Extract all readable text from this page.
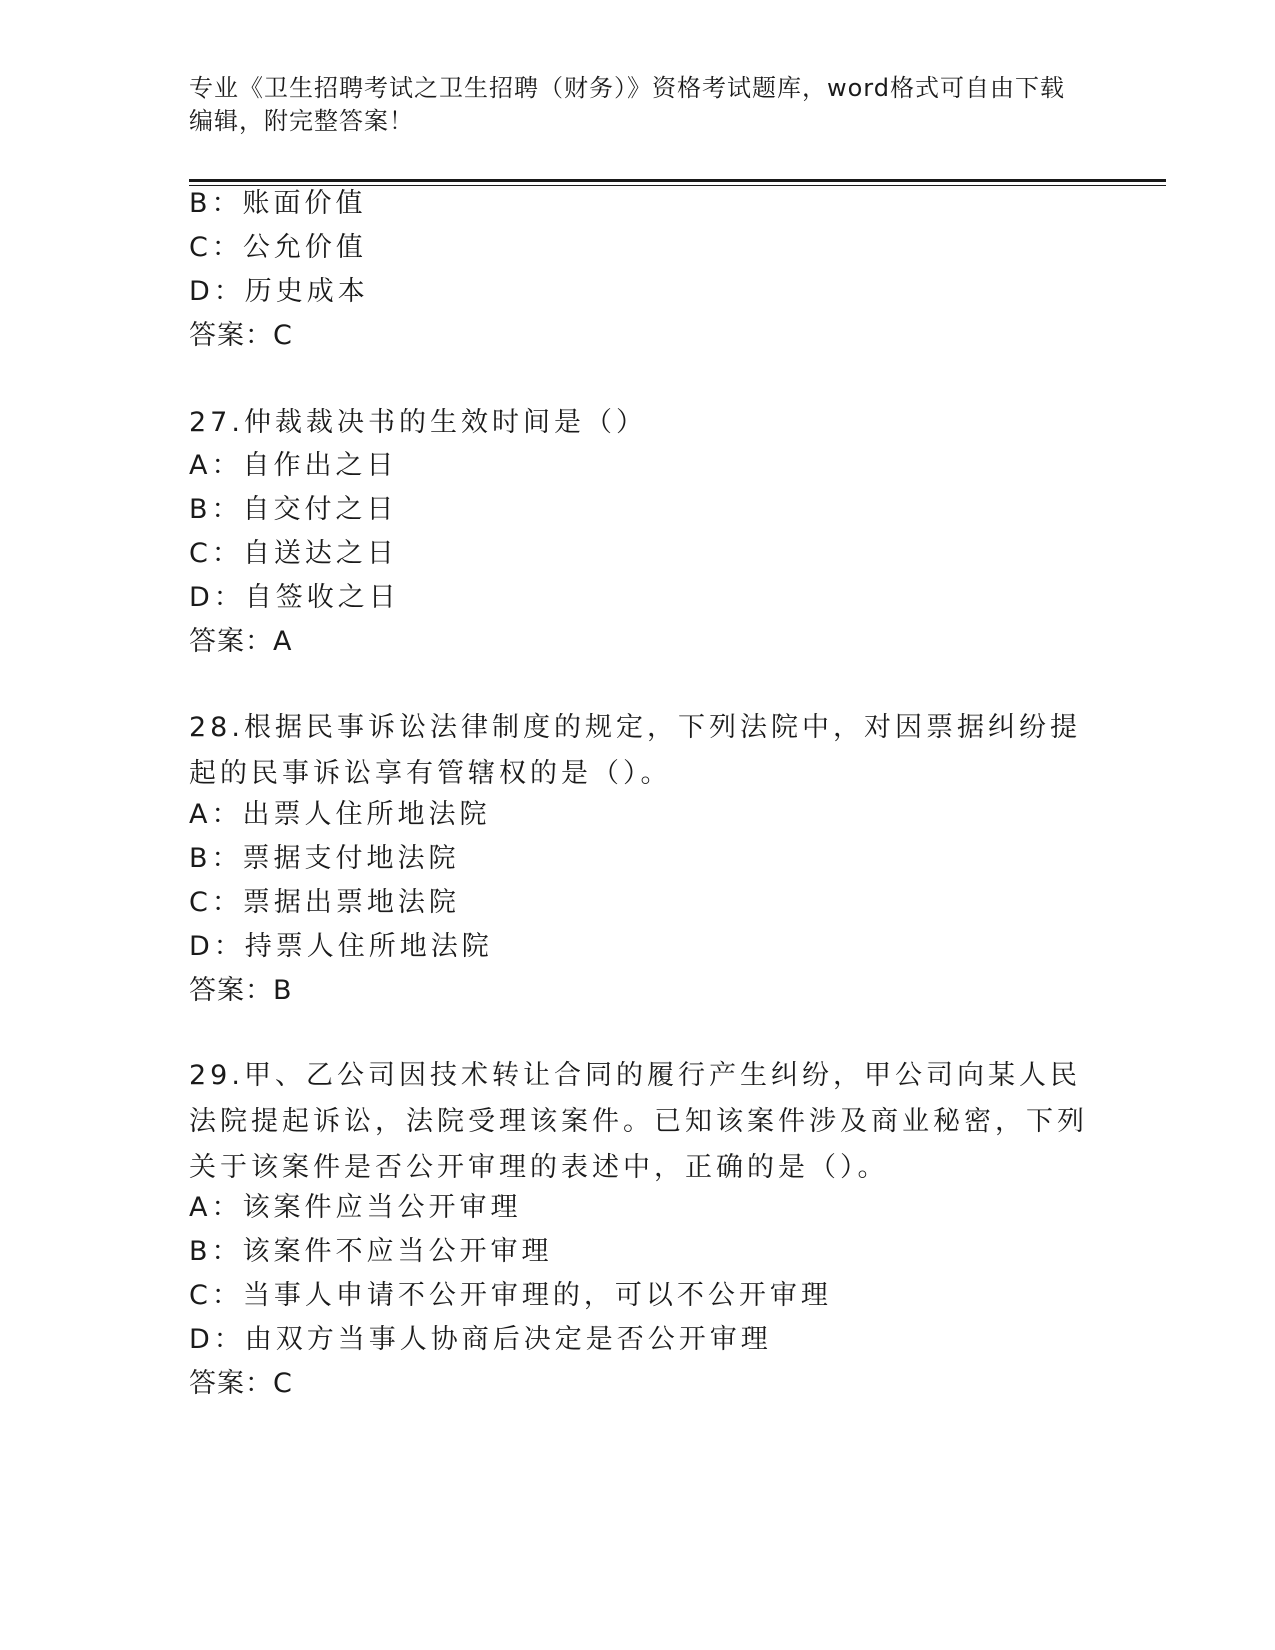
专业《卫生招聘考试之卫生招聘（财务）》资格考试题库，word格式可自由下载编辑，附完整答案！
B：账面价值
C：公允价值
D：历史成本
答案：C
27.仲裁裁决书的生效时间是（）
A：自作出之日
B：自交付之日
C：自送达之日
D：自签收之日
答案：A
28.根据民事诉讼法律制度的规定，下列法院中，对因票据纠纷提起的民事诉讼享有管辖权的是（）。
A：出票人住所地法院
B：票据支付地法院
C：票据出票地法院
D：持票人住所地法院
答案：B
29.甲、乙公司因技术转让合同的履行产生纠纷，甲公司向某人民法院提起诉讼，法院受理该案件。已知该案件涉及商业秘密，下列关于该案件是否公开审理的表述中，正确的是（）。
A：该案件应当公开审理
B：该案件不应当公开审理
C：当事人申请不公开审理的，可以不公开审理
D：由双方当事人协商后决定是否公开审理
答案：C
